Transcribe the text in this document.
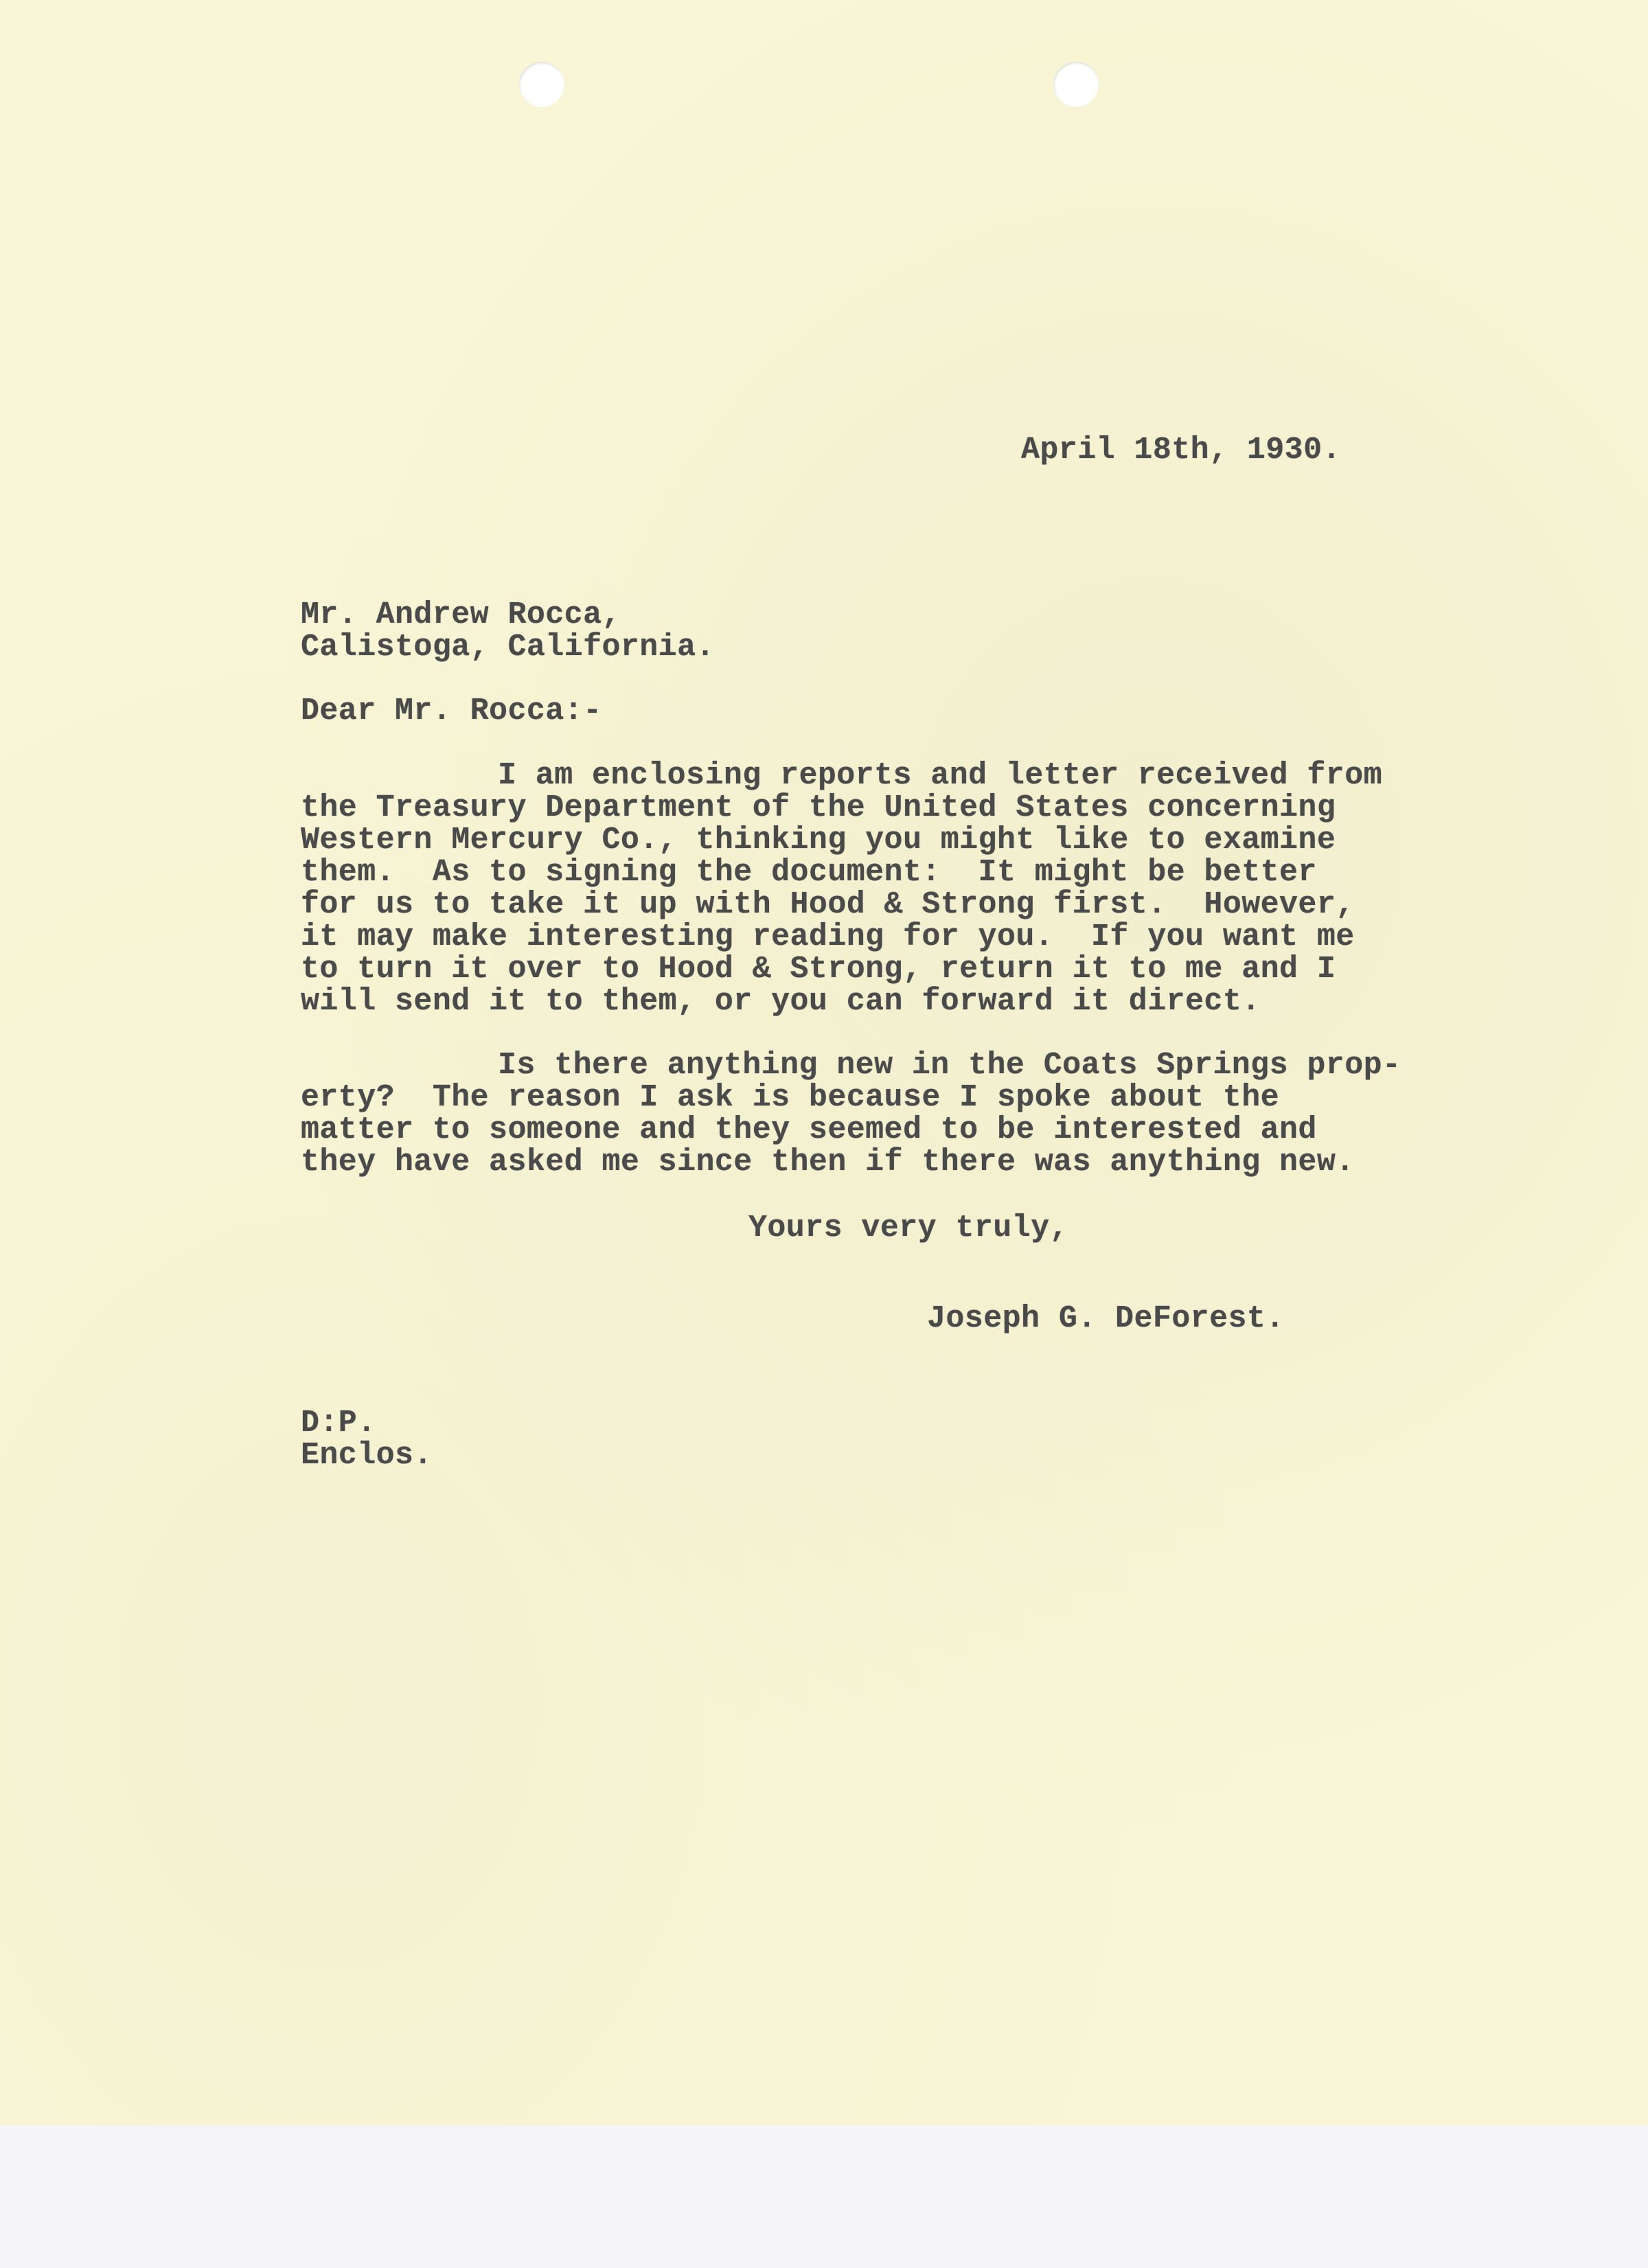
April 18th, 1930.
Mr. Andrew Rocca,
Calistoga, California.
Dear Mr. Rocca:-
I am enclosing reports and letter received from
the Treasury Department of the United States concerning
Western Mercury Co., thinking you might like to examine
them.  As to signing the document:  It might be better
for us to take it up with Hood & Strong first.  However,
it may make interesting reading for you.  If you want me
to turn it over to Hood & Strong, return it to me and I
will send it to them, or you can forward it direct.
Is there anything new in the Coats Springs prop-
erty?  The reason I ask is because I spoke about the
matter to someone and they seemed to be interested and
they have asked me since then if there was anything new.
Yours very truly,
Joseph G. DeForest.
D:P.
Enclos.
